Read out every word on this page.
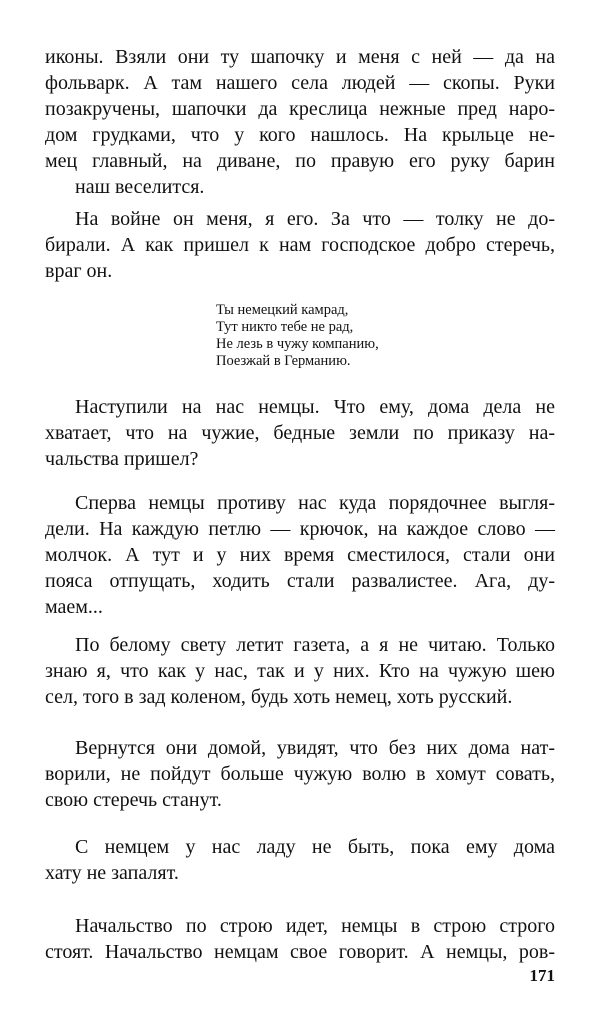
иконы. Взяли они ту шапочку и меня с ней — да на
фольварк. А там нашего села людей — скопы. Руки
позакручены, шапочки да креслица нежные пред наро-
дом грудками, что у кого нашлось. На крыльце не-
мец главный, на диване, по правую его руку барин
наш веселится.
На войне он меня, я его. За что — толку не до-
бирали. А как пришел к нам господское добро стеречь,
враг он.
Ты немецкий камрад,
Тут никто тебе не рад,
Не лезь в чужу компанию,
Поезжай в Германию.
Наступили на нас немцы. Что ему, дома дела не
хватает, что на чужие, бедные земли по приказу на-
чальства пришел?
Сперва немцы противу нас куда порядочнее выгля-
дели. На каждую петлю — крючок, на каждое слово —
молчок. А тут и у них время сместилося, стали они
пояса отпущать, ходить стали развалистее. Ага, ду-
маем...
По белому свету летит газета, а я не читаю. Только
знаю я, что как у нас, так и у них. Кто на чужую шею
сел, того в зад коленом, будь хоть немец, хоть русский.
Вернутся они домой, увидят, что без них дома нат-
ворили, не пойдут больше чужую волю в хомут совать,
свою стеречь станут.
С немцем у нас ладу не быть, пока ему дома
хату не запалят.
Начальство по строю идет, немцы в строю строго
стоят. Начальство немцам свое говорит. А немцы, ров-
171
